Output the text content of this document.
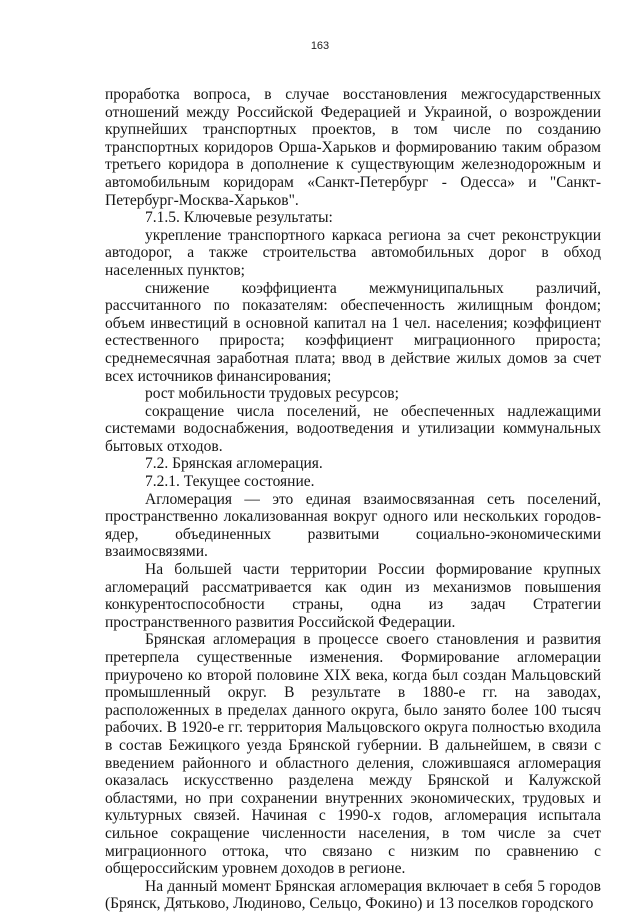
163

проработка вопроса, в случае восстановления межгосударственных отношений между Российской Федерацией и Украиной, о возрождении крупнейших транспортных проектов, в том числе по созданию транспортных коридоров Орша-Харьков и формированию таким образом третьего коридора в дополнение к существующим железнодорожным и автомобильным коридорам «Санкт-Петербург - Одесса» и "Санкт-Петербург-Москва-Харьков".

7.1.5. Ключевые результаты:

укрепление транспортного каркаса региона за счет реконструкции автодорог, а также строительства автомобильных дорог в обход населенных пунктов;

снижение коэффициента межмуниципальных различий, рассчитанного по показателям: обеспеченность жилищным фондом; объем инвестиций в основной капитал на 1 чел. населения; коэффициент естественного прироста; коэффициент миграционного прироста; среднемесячная заработная плата; ввод в действие жилых домов за счет всех источников финансирования;

рост мобильности трудовых ресурсов;

сокращение числа поселений, не обеспеченных надлежащими системами водоснабжения, водоотведения и утилизации коммунальных бытовых отходов.

7.2. Брянская агломерация.

7.2.1. Текущее состояние.

Агломерация — это единая взаимосвязанная сеть поселений, пространственно локализованная вокруг одного или нескольких городов-ядер, объединенных развитыми социально-экономическими взаимосвязями.

На большей части территории России формирование крупных агломераций рассматривается как один из механизмов повышения конкурентоспособности страны, одна из задач Стратегии пространственного развития Российской Федерации.

Брянская агломерация в процессе своего становления и развития претерпела существенные изменения. Формирование агломерации приурочено ко второй половине XIX века, когда был создан Мальцовский промышленный округ. В результате в 1880-е гг. на заводах, расположенных в пределах данного округа, было занято более 100 тысяч рабочих. В 1920-е гг. территория Мальцовского округа полностью входила в состав Бежицкого уезда Брянской губернии. В дальнейшем, в связи с введением районного и областного деления, сложившаяся агломерация оказалась искусственно разделена между Брянской и Калужской областями, но при сохранении внутренних экономических, трудовых и культурных связей. Начиная с 1990-х годов, агломерация испытала сильное сокращение численности населения, в том числе за счет миграционного оттока, что связано с низким по сравнению с общероссийским уровнем доходов в регионе.

На данный момент Брянская агломерация включает в себя 5 городов (Брянск, Дятьково, Людиново, Сельцо, Фокино) и 13 поселков городского
